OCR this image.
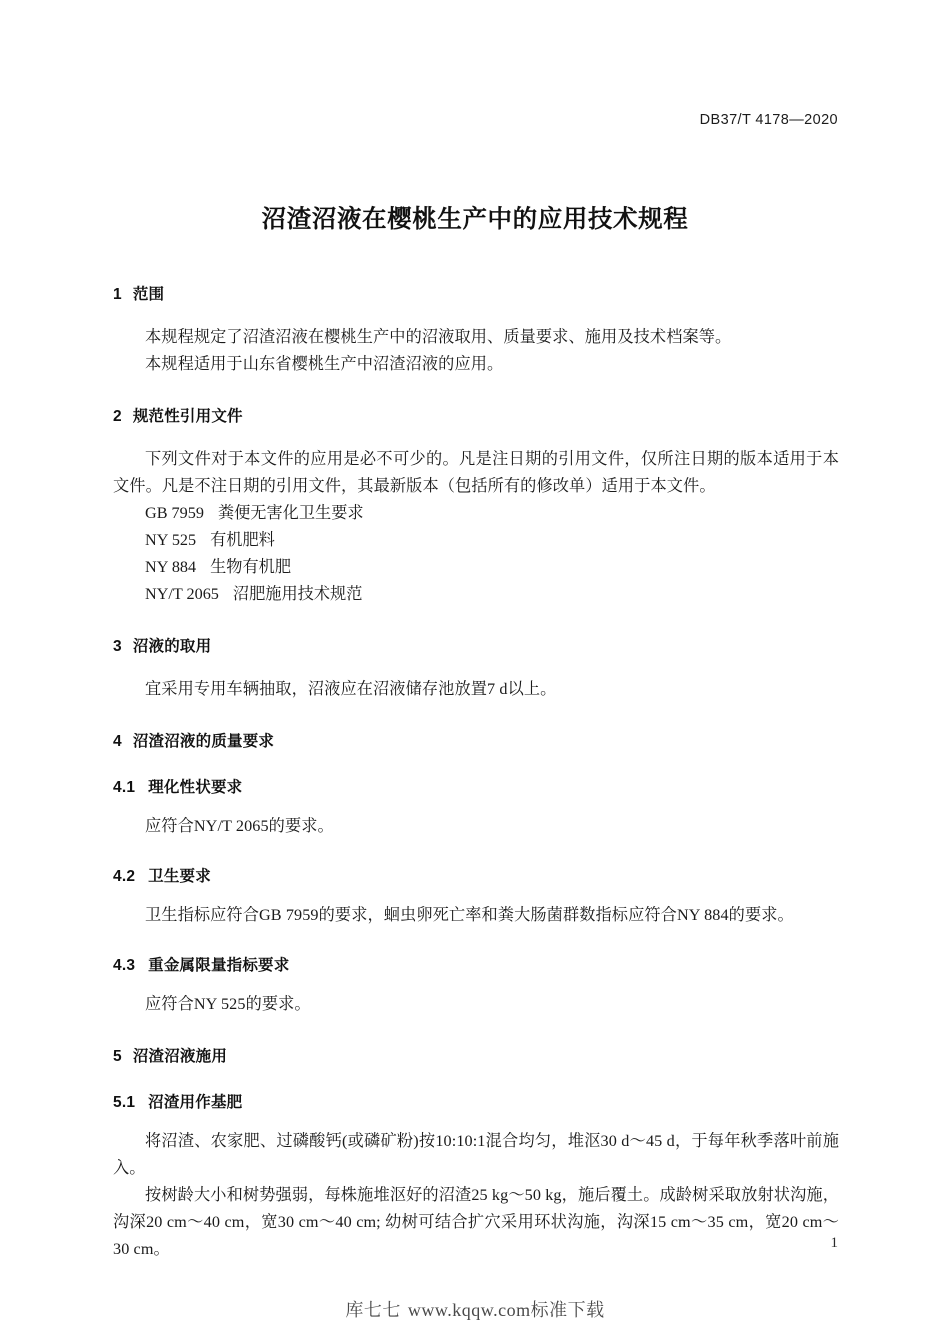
DB37/T 4178—2020
沼渣沼液在樱桃生产中的应用技术规程
1 范围

本规程规定了沼渣沼液在樱桃生产中的沼液取用、质量要求、施用及技术档案等。

本规程适用于山东省樱桃生产中沼渣沼液的应用。

2 规范性引用文件

下列文件对于本文件的应用是必不可少的。凡是注日期的引用文件，仅所注日期的版本适用于本文件。凡是不注日期的引用文件，其最新版本（包括所有的修改单）适用于本文件。

GB 7959 粪便无害化卫生要求
NY 525 有机肥料
NY 884 生物有机肥
NY/T 2065 沼肥施用技术规范
3 沼液的取用

宜采用专用车辆抽取，沼液应在沼液储存池放置7 d以上。

4 沼渣沼液的质量要求
4.1 理化性状要求

应符合NY/T 2065的要求。

4.2 卫生要求

卫生指标应符合GB 7959的要求，蛔虫卵死亡率和粪大肠菌群数指标应符合NY 884的要求。

4.3 重金属限量指标要求

应符合NY 525的要求。

5 沼渣沼液施用
5.1 沼渣用作基肥

将沼渣、农家肥、过磷酸钙(或磷矿粉)按10:10:1混合均匀，堆沤30 d～45 d，于每年秋季落叶前施入。

按树龄大小和树势强弱，每株施堆沤好的沼渣25 kg～50 kg，施后覆土。成龄树采取放射状沟施，沟深20 cm～40 cm，宽30 cm～40 cm; 幼树可结合扩穴采用环状沟施，沟深15 cm～35 cm，宽20 cm～30 cm。	1
库七七 www.kqqw.com标准下载
